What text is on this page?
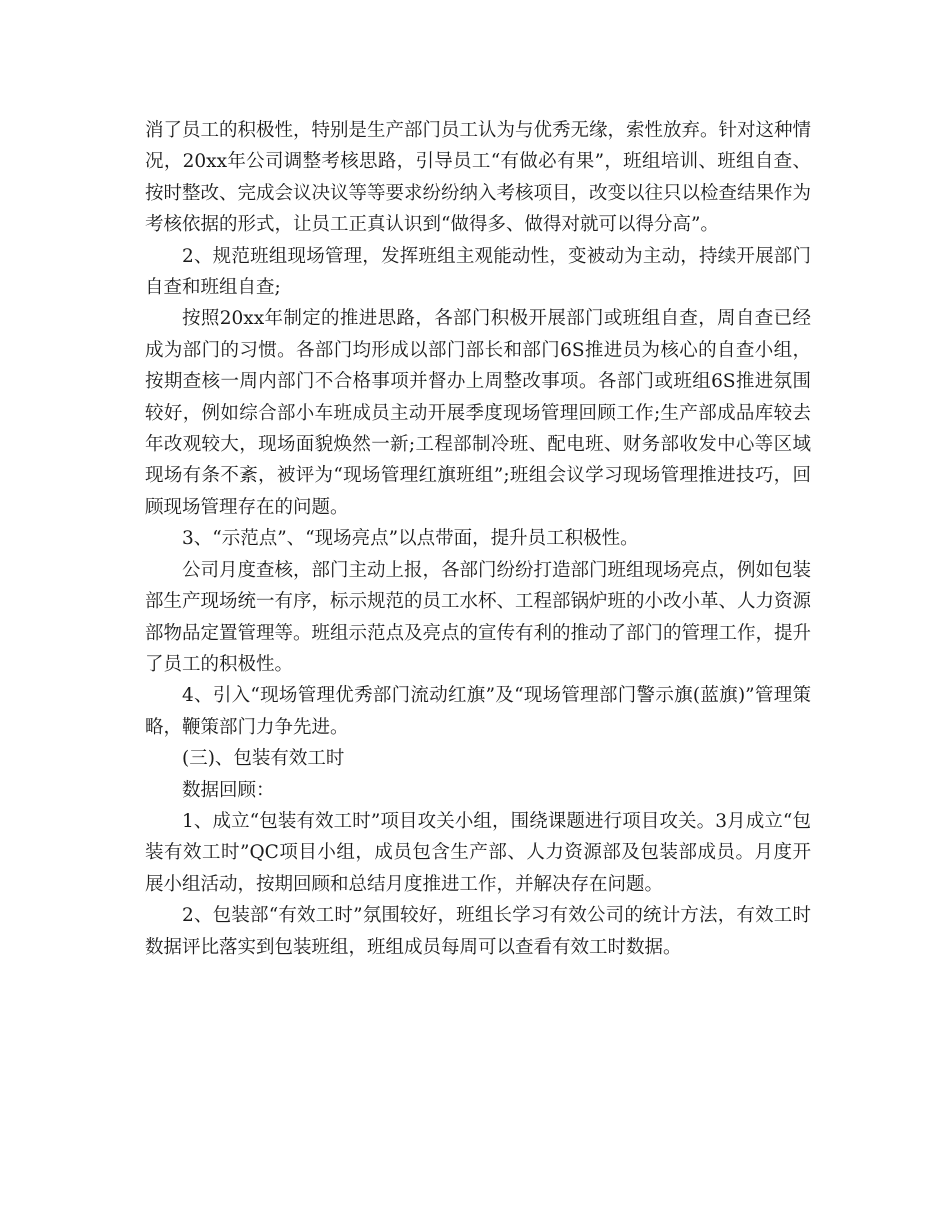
消了员工的积极性，特别是生产部门员工认为与优秀无缘，索性放弃。针对这种情况，20xx年公司调整考核思路，引导员工“有做必有果”，班组培训、班组自查、按时整改、完成会议决议等等要求纷纷纳入考核项目，改变以往只以检查结果作为考核依据的形式，让员工正真认识到“做得多、做得对就可以得分高”。

2、规范班组现场管理，发挥班组主观能动性，变被动为主动，持续开展部门自查和班组自查;

按照20xx年制定的推进思路，各部门积极开展部门或班组自查，周自查已经成为部门的习惯。各部门均形成以部门部长和部门6S推进员为核心的自查小组，按期查核一周内部门不合格事项并督办上周整改事项。各部门或班组6S推进氛围较好，例如综合部小车班成员主动开展季度现场管理回顾工作;生产部成品库较去年改观较大，现场面貌焕然一新;工程部制冷班、配电班、财务部收发中心等区域现场有条不紊，被评为“现场管理红旗班组”;班组会议学习现场管理推进技巧，回顾现场管理存在的问题。

3、“示范点”、“现场亮点”以点带面，提升员工积极性。

公司月度查核，部门主动上报，各部门纷纷打造部门班组现场亮点，例如包装部生产现场统一有序，标示规范的员工水杯、工程部锅炉班的小改小革、人力资源部物品定置管理等。班组示范点及亮点的宣传有利的推动了部门的管理工作，提升了员工的积极性。

4、引入“现场管理优秀部门流动红旗”及“现场管理部门警示旗(蓝旗)”管理策略，鞭策部门力争先进。

(三)、包装有效工时

数据回顾：

1、成立“包装有效工时”项目攻关小组，围绕课题进行项目攻关。3月成立“包装有效工时”QC项目小组，成员包含生产部、人力资源部及包装部成员。月度开展小组活动，按期回顾和总结月度推进工作，并解决存在问题。

2、包装部“有效工时”氛围较好，班组长学习有效公司的统计方法，有效工时数据评比落实到包装班组，班组成员每周可以查看有效工时数据。
